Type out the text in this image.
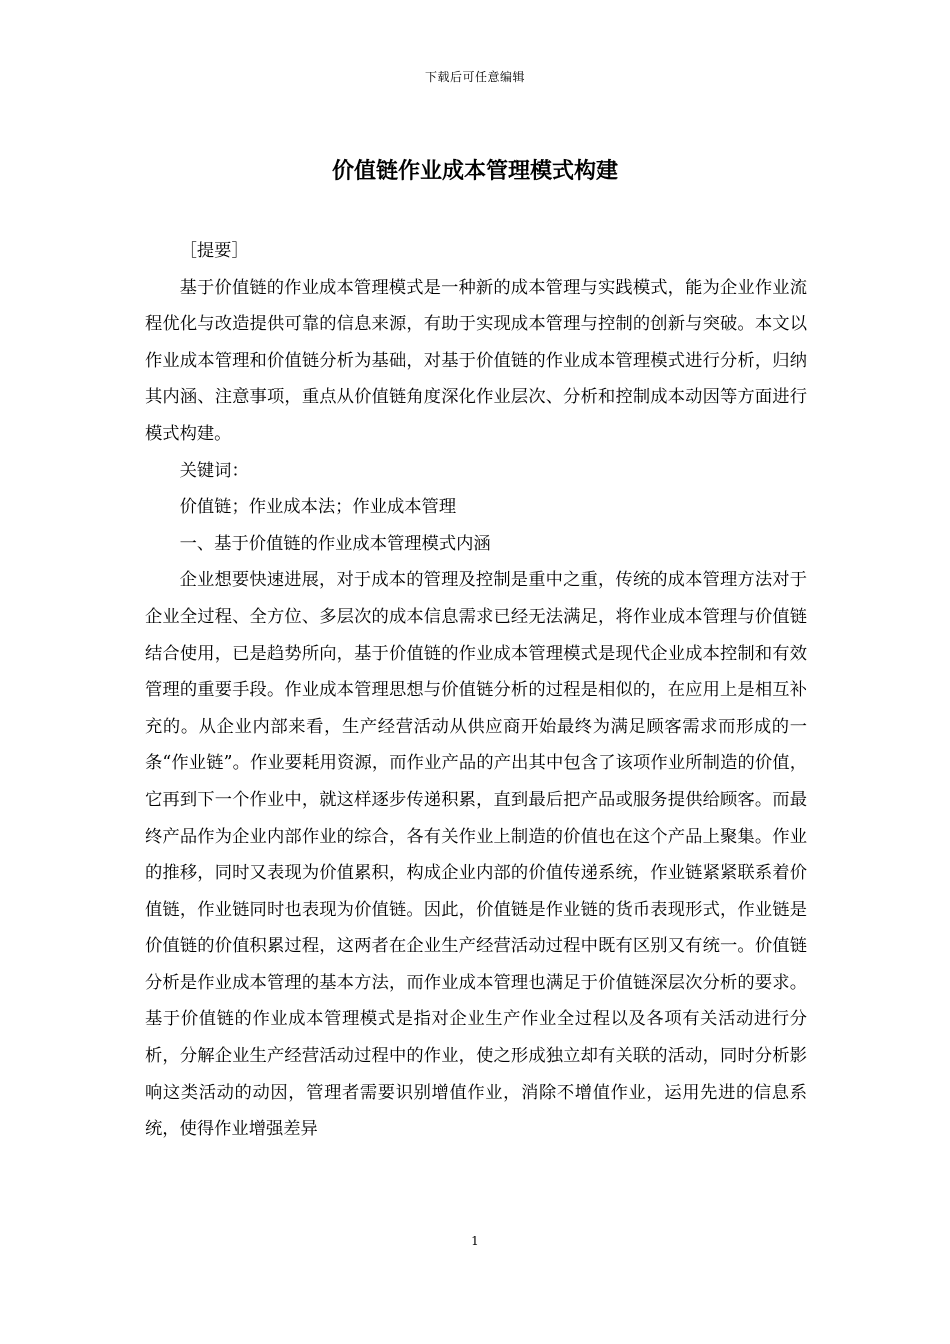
下载后可任意编辑
价值链作业成本管理模式构建

［提要］

基于价值链的作业成本管理模式是一种新的成本管理与实践模式，能为企业作业流程优化与改造提供可靠的信息来源，有助于实现成本管理与控制的创新与突破。本文以作业成本管理和价值链分析为基础，对基于价值链的作业成本管理模式进行分析，归纳其内涵、注意事项，重点从价值链角度深化作业层次、分析和控制成本动因等方面进行模式构建。

关键词：

价值链；作业成本法；作业成本管理

一、基于价值链的作业成本管理模式内涵

企业想要快速进展，对于成本的管理及控制是重中之重，传统的成本管理方法对于企业全过程、全方位、多层次的成本信息需求已经无法满足，将作业成本管理与价值链结合使用，已是趋势所向，基于价值链的作业成本管理模式是现代企业成本控制和有效管理的重要手段。作业成本管理思想与价值链分析的过程是相似的，在应用上是相互补充的。从企业内部来看，生产经营活动从供应商开始最终为满足顾客需求而形成的一条“作业链”。作业要耗用资源，而作业产品的产出其中包含了该项作业所制造的价值，它再到下一个作业中，就这样逐步传递积累，直到最后把产品或服务提供给顾客。而最终产品作为企业内部作业的综合，各有关作业上制造的价值也在这个产品上聚集。作业的推移，同时又表现为价值累积，构成企业内部的价值传递系统，作业链紧紧联系着价值链，作业链同时也表现为价值链。因此，价值链是作业链的货币表现形式，作业链是价值链的价值积累过程，这两者在企业生产经营活动过程中既有区别又有统一。价值链分析是作业成本管理的基本方法，而作业成本管理也满足于价值链深层次分析的要求。基于价值链的作业成本管理模式是指对企业生产作业全过程以及各项有关活动进行分析，分解企业生产经营活动过程中的作业，使之形成独立却有关联的活动，同时分析影响这类活动的动因，管理者需要识别增值作业，消除不增值作业，运用先进的信息系统，使得作业增强差异

1
